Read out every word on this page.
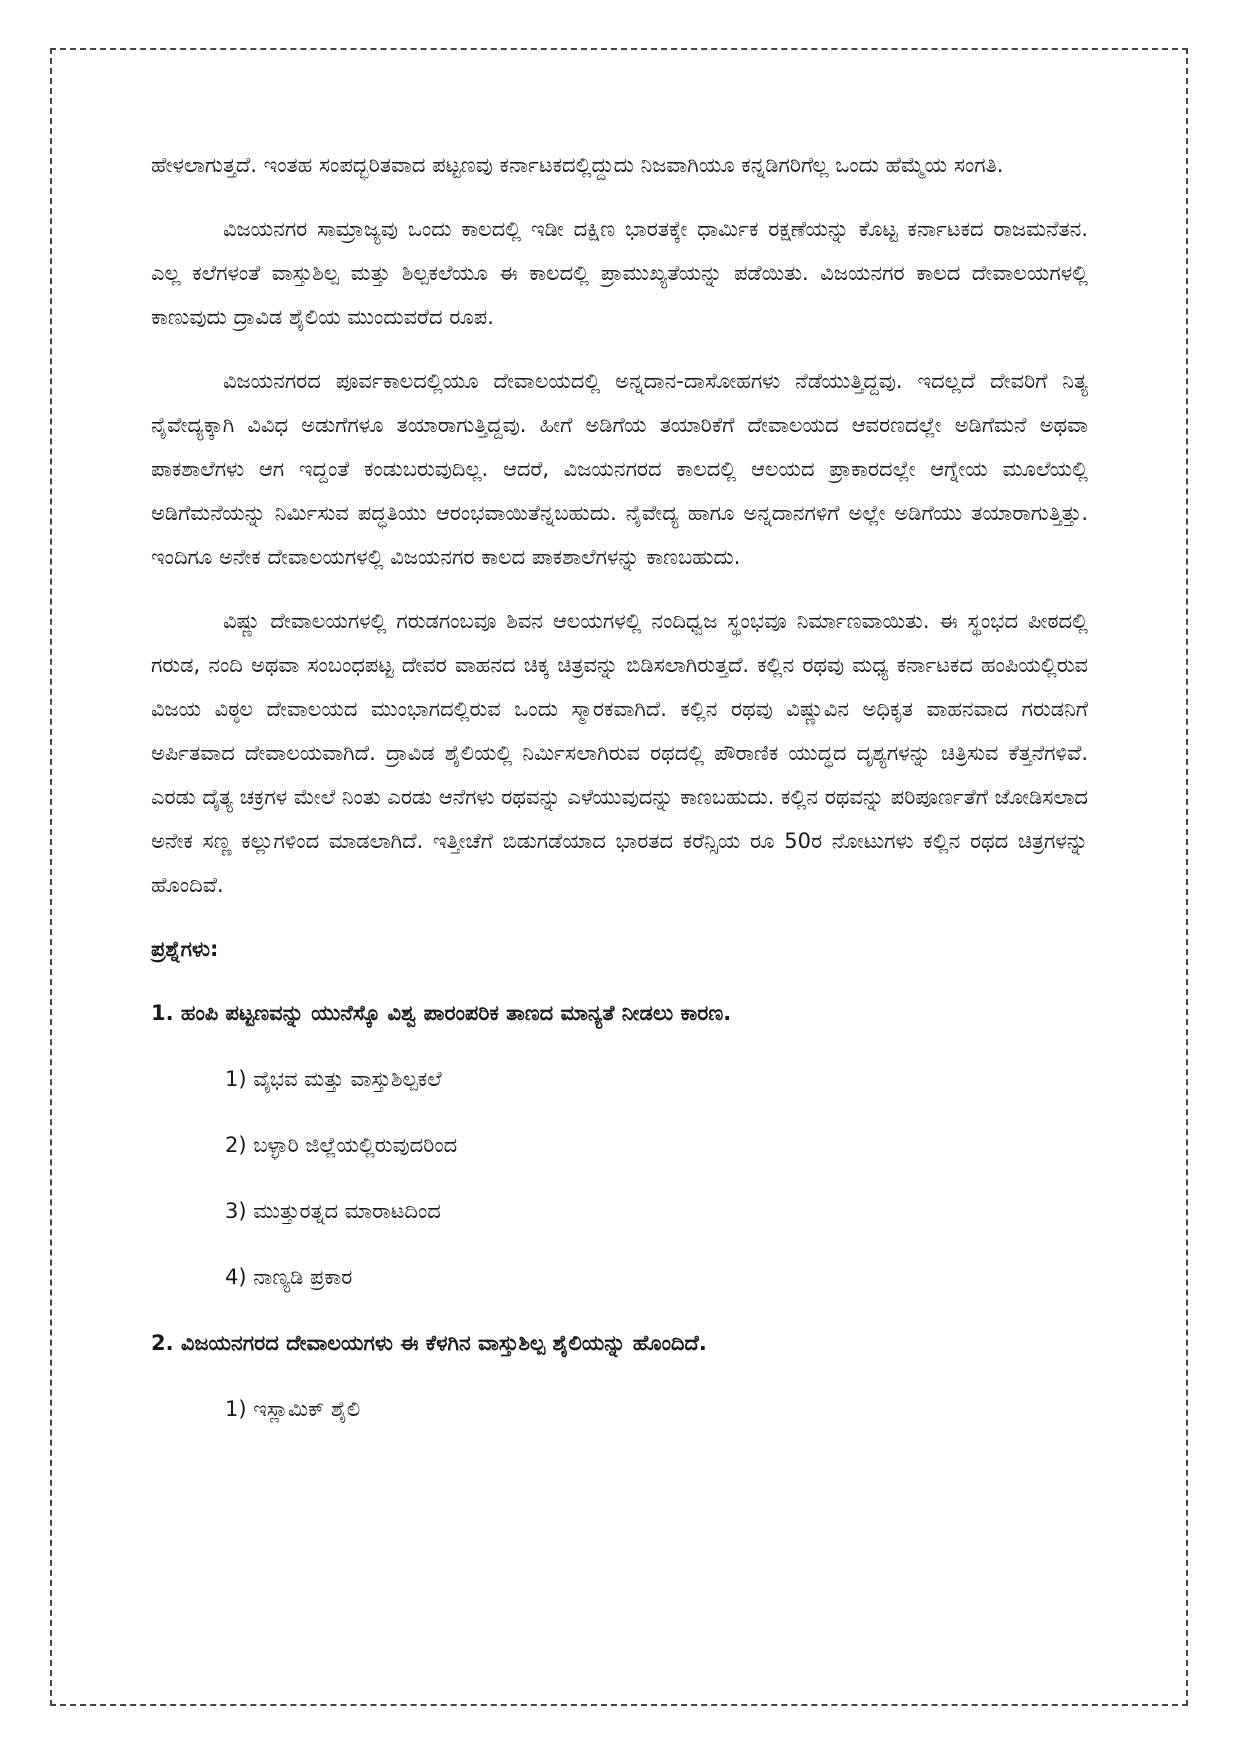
ಹೇಳಲಾಗುತ್ತದೆ. ಇಂತಹ ಸಂಪದ್ಭರಿತವಾದ ಪಟ್ಟಣವು ಕರ್ನಾಟಕದಲ್ಲಿದ್ದುದು ನಿಜವಾಗಿಯೂ ಕನ್ನಡಿಗರಿಗೆಲ್ಲ ಒಂದು ಹೆಮ್ಮೆಯ ಸಂಗತಿ.

ವಿಜಯನಗರ ಸಾಮ್ರಾಜ್ಯವು ಒಂದು ಕಾಲದಲ್ಲಿ ಇಡೀ ದಕ್ಷಿಣ ಭಾರತಕ್ಕೇ ಧಾರ್ಮಿಕ ರಕ್ಷಣೆಯನ್ನು ಕೊಟ್ಟ ಕರ್ನಾಟಕದ ರಾಜಮನೆತನ. ಎಲ್ಲ ಕಲೆಗಳಂತೆ ವಾಸ್ತುಶಿಲ್ಪ ಮತ್ತು ಶಿಲ್ಪಕಲೆಯೂ ಈ ಕಾಲದಲ್ಲಿ ಪ್ರಾಮುಖ್ಯತೆಯನ್ನು ಪಡೆಯಿತು. ವಿಜಯನಗರ ಕಾಲದ ದೇವಾಲಯಗಳಲ್ಲಿ ಕಾಣುವುದು ದ್ರಾವಿಡ ಶೈಲಿಯ ಮುಂದುವರೆದ ರೂಪ.

ವಿಜಯನಗರದ ಪೂರ್ವಕಾಲದಲ್ಲಿಯೂ ದೇವಾಲಯದಲ್ಲಿ ಅನ್ನದಾನ-ದಾಸೋಹಗಳು ನೆಡೆಯುತ್ತಿದ್ದವು. ಇದಲ್ಲದೆ ದೇವರಿಗೆ ನಿತ್ಯ ನೈವೇದ್ಯಕ್ಕಾಗಿ ವಿವಿಧ ಅಡುಗೆಗಳೂ ತಯಾರಾಗುತ್ತಿದ್ದವು. ಹೀಗೆ ಅಡಿಗೆಯ ತಯಾರಿಕೆಗೆ ದೇವಾಲಯದ ಆವರಣದಲ್ಲೇ ಅಡಿಗೆಮನೆ ಅಥವಾ ಪಾಕಶಾಲೆಗಳು ಆಗ ಇದ್ದಂತೆ ಕಂಡುಬರುವುದಿಲ್ಲ. ಆದರೆ, ವಿಜಯನಗರದ ಕಾಲದಲ್ಲಿ ಆಲಯದ ಪ್ರಾಕಾರದಲ್ಲೇ ಆಗ್ನೇಯ ಮೂಲೆಯಲ್ಲಿ ಅಡಿಗೆಮನೆಯನ್ನು ನಿರ್ಮಿಸುವ ಪದ್ಧತಿಯು ಆರಂಭವಾಯಿತೆನ್ನಬಹುದು. ನೈವೇದ್ಯ ಹಾಗೂ ಅನ್ನದಾನಗಳಿಗೆ ಅಲ್ಲೇ ಅಡಿಗೆಯು ತಯಾರಾಗುತ್ತಿತ್ತು. ಇಂದಿಗೂ ಅನೇಕ ದೇವಾಲಯಗಳಲ್ಲಿ ವಿಜಯನಗರ ಕಾಲದ ಪಾಕಶಾಲೆಗಳನ್ನು ಕಾಣಬಹುದು.

ವಿಷ್ಣು ದೇವಾಲಯಗಳಲ್ಲಿ ಗರುಡಗಂಬವೂ ಶಿವನ ಆಲಯಗಳಲ್ಲಿ ನಂದಿಧ್ವಜ ಸ್ಥಂಭವೂ ನಿರ್ಮಾಣವಾಯಿತು. ಈ ಸ್ಥಂಭದ ಪೀಠದಲ್ಲಿ ಗರುಡ, ನಂದಿ ಅಥವಾ ಸಂಬಂಧಪಟ್ಟ ದೇವರ ವಾಹನದ ಚಿಕ್ಕ ಚಿತ್ರವನ್ನು ಬಿಡಿಸಲಾಗಿರುತ್ತದೆ. ಕಲ್ಲಿನ ರಥವು ಮಧ್ಯ ಕರ್ನಾಟಕದ ಹಂಪಿಯಲ್ಲಿರುವ ವಿಜಯ ವಿಠ್ಠಲ ದೇವಾಲಯದ ಮುಂಭಾಗದಲ್ಲಿರುವ ಒಂದು ಸ್ಮಾರಕವಾಗಿದೆ. ಕಲ್ಲಿನ ರಥವು ವಿಷ್ಣುವಿನ ಅಧಿಕೃತ ವಾಹನವಾದ ಗರುಡನಿಗೆ ಅರ್ಪಿತವಾದ ದೇವಾಲಯವಾಗಿದೆ. ದ್ರಾವಿಡ ಶೈಲಿಯಲ್ಲಿ ನಿರ್ಮಿಸಲಾಗಿರುವ ರಥದಲ್ಲಿ ಪೌರಾಣಿಕ ಯುದ್ಧದ ದೃಶ್ಯಗಳನ್ನು ಚಿತ್ರಿಸುವ ಕೆತ್ತನೆಗಳಿವೆ. ಎರಡು ದೈತ್ಯ ಚಕ್ರಗಳ ಮೇಲೆ ನಿಂತು ಎರಡು ಆನೆಗಳು ರಥವನ್ನು ಎಳೆಯುವುದನ್ನು ಕಾಣಬಹುದು. ಕಲ್ಲಿನ ರಥವನ್ನು ಪರಿಪೂರ್ಣತೆಗೆ ಜೋಡಿಸಲಾದ ಅನೇಕ ಸಣ್ಣ ಕಲ್ಲುಗಳಿಂದ ಮಾಡಲಾಗಿದೆ. ಇತ್ತೀಚೆಗೆ ಬಿಡುಗಡೆಯಾದ ಭಾರತದ ಕರೆನ್ಸಿಯ ರೂ 50ರ ನೋಟುಗಳು ಕಲ್ಲಿನ ರಥದ ಚಿತ್ರಗಳನ್ನು ಹೊಂದಿವೆ.

ಪ್ರಶ್ನೆಗಳು:

1. ಹಂಪಿ ಪಟ್ಟಣವನ್ನು ಯುನೆಸ್ಕೊ ವಿಶ್ವ ಪಾರಂಪರಿಕ ತಾಣದ ಮಾನ್ಯತೆ ನೀಡಲು ಕಾರಣ.

1) ವೈಭವ ಮತ್ತು ವಾಸ್ತುಶಿಲ್ಪಕಲೆ

2) ಬಳ್ಳಾರಿ ಜಿಲ್ಲೆಯಲ್ಲಿರುವುದರಿಂದ

3) ಮುತ್ತುರತ್ನದ ಮಾರಾಟದಿಂದ

4) ನಾಣ್ಯಡಿ ಪ್ರಕಾರ

2. ವಿಜಯನಗರದ ದೇವಾಲಯಗಳು ಈ ಕೆಳಗಿನ ವಾಸ್ತುಶಿಲ್ಪ ಶೈಲಿಯನ್ನು ಹೊಂದಿದೆ.

1) ಇಸ್ಲಾಮಿಕ್ ಶೈಲಿ
